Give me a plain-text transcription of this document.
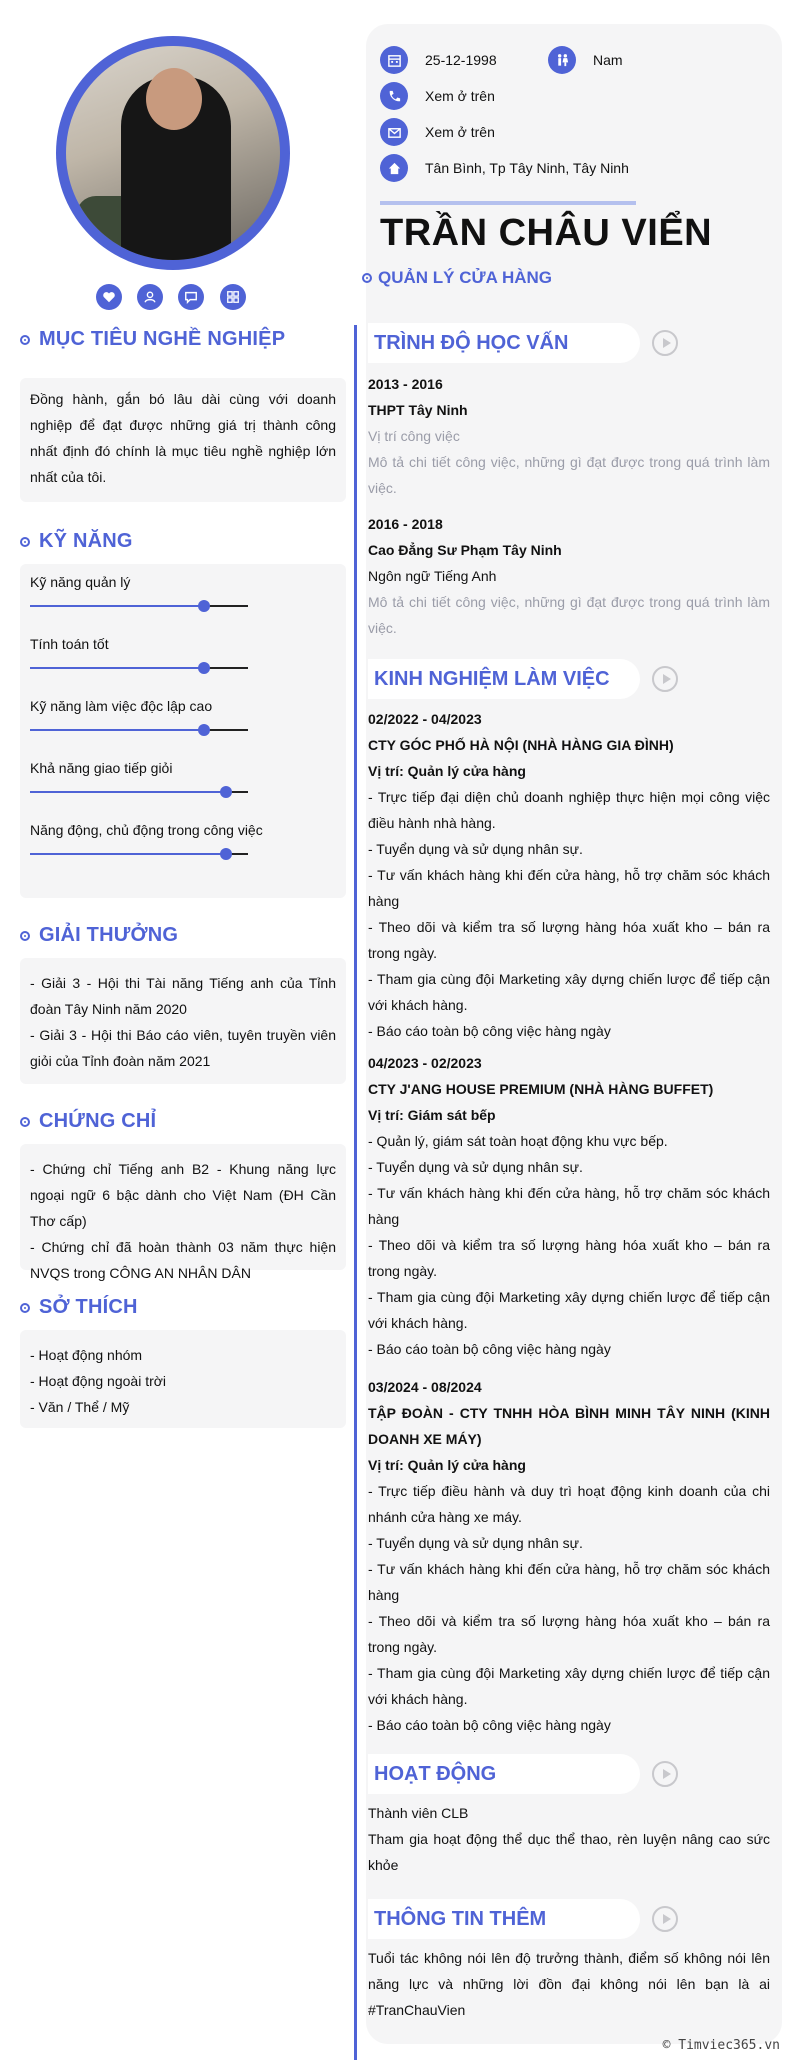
MỤC TIÊU NGHỀ NGHIỆP
Đồng hành, gắn bó lâu dài cùng với doanh nghiệp để đạt được những giá trị thành công nhất định đó chính là mục tiêu nghề nghiệp lớn nhất của tôi.
KỸ NĂNG
Kỹ năng quản lý
Tính toán tốt
Kỹ năng làm việc độc lập cao
Khả năng giao tiếp giỏi
Năng động, chủ động trong công việc
GIẢI THƯỞNG
- Giải 3 - Hội thi Tài năng Tiếng anh của Tỉnh đoàn Tây Ninh năm 2020
- Giải 3 - Hội thi Báo cáo viên, tuyên truyền viên giỏi của Tỉnh đoàn năm 2021
CHỨNG CHỈ
- Chứng chỉ Tiếng anh B2 - Khung năng lực ngoại ngữ 6 bậc dành cho Việt Nam (ĐH Cần Thơ cấp)
- Chứng chỉ đã hoàn thành 03 năm thực hiện NVQS trong CÔNG AN NHÂN DÂN
SỞ THÍCH
- Hoạt động nhóm
- Hoạt động ngoài trời
- Văn / Thể / Mỹ
25-12-1998	Nam
Xem ở trên
Xem ở trên
Tân Bình, Tp Tây Ninh, Tây Ninh
TRẦN CHÂU VIỂN
QUẢN LÝ CỬA HÀNG
TRÌNH ĐỘ HỌC VẤN
2013 - 2016
THPT Tây Ninh
Vị trí công việc
Mô tả chi tiết công việc, những gì đạt được trong quá trình làm việc.
2016 - 2018
Cao Đẳng Sư Phạm Tây Ninh
Ngôn ngữ Tiếng Anh
Mô tả chi tiết công việc, những gì đạt được trong quá trình làm việc.
KINH NGHIỆM LÀM VIỆC
02/2022 - 04/2023
CTY GÓC PHỐ HÀ NỘI (NHÀ HÀNG GIA ĐÌNH)
Vị trí: Quản lý cửa hàng
- Trực tiếp đại diện chủ doanh nghiệp thực hiện mọi công việc điều hành nhà hàng.
- Tuyển dụng và sử dụng nhân sự.
- Tư vấn khách hàng khi đến cửa hàng, hỗ trợ chăm sóc khách hàng
- Theo dõi và kiểm tra số lượng hàng hóa xuất kho – bán ra trong ngày.
- Tham gia cùng đội Marketing xây dựng chiến lược để tiếp cận với khách hàng.
- Báo cáo toàn bộ công việc hàng ngày
04/2023 - 02/2023
CTY J'ANG HOUSE PREMIUM (NHÀ HÀNG BUFFET)
Vị trí: Giám sát bếp
- Quản lý, giám sát toàn hoạt động khu vực bếp.
- Tuyển dụng và sử dụng nhân sự.
- Tư vấn khách hàng khi đến cửa hàng, hỗ trợ chăm sóc khách hàng
- Theo dõi và kiểm tra số lượng hàng hóa xuất kho – bán ra trong ngày.
- Tham gia cùng đội Marketing xây dựng chiến lược để tiếp cận với khách hàng.
- Báo cáo toàn bộ công việc hàng ngày
03/2024 - 08/2024
TẬP ĐOÀN - CTY TNHH HÒA BÌNH MINH TÂY NINH (KINH DOANH XE MÁY)
Vị trí: Quản lý cửa hàng
- Trực tiếp điều hành và duy trì hoạt động kinh doanh của chi nhánh cửa hàng xe máy.
- Tuyển dụng và sử dụng nhân sự.
- Tư vấn khách hàng khi đến cửa hàng, hỗ trợ chăm sóc khách hàng
- Theo dõi và kiểm tra số lượng hàng hóa xuất kho – bán ra trong ngày.
- Tham gia cùng đội Marketing xây dựng chiến lược để tiếp cận với khách hàng.
- Báo cáo toàn bộ công việc hàng ngày
HOẠT ĐỘNG
Thành viên CLB
Tham gia hoạt động thể dục thể thao, rèn luyện nâng cao sức khỏe
THÔNG TIN THÊM
Tuổi tác không nói lên độ trưởng thành, điểm số không nói lên năng lực và những lời đồn đại không nói lên bạn là ai #TranChauVien
© Timviec365.vn
